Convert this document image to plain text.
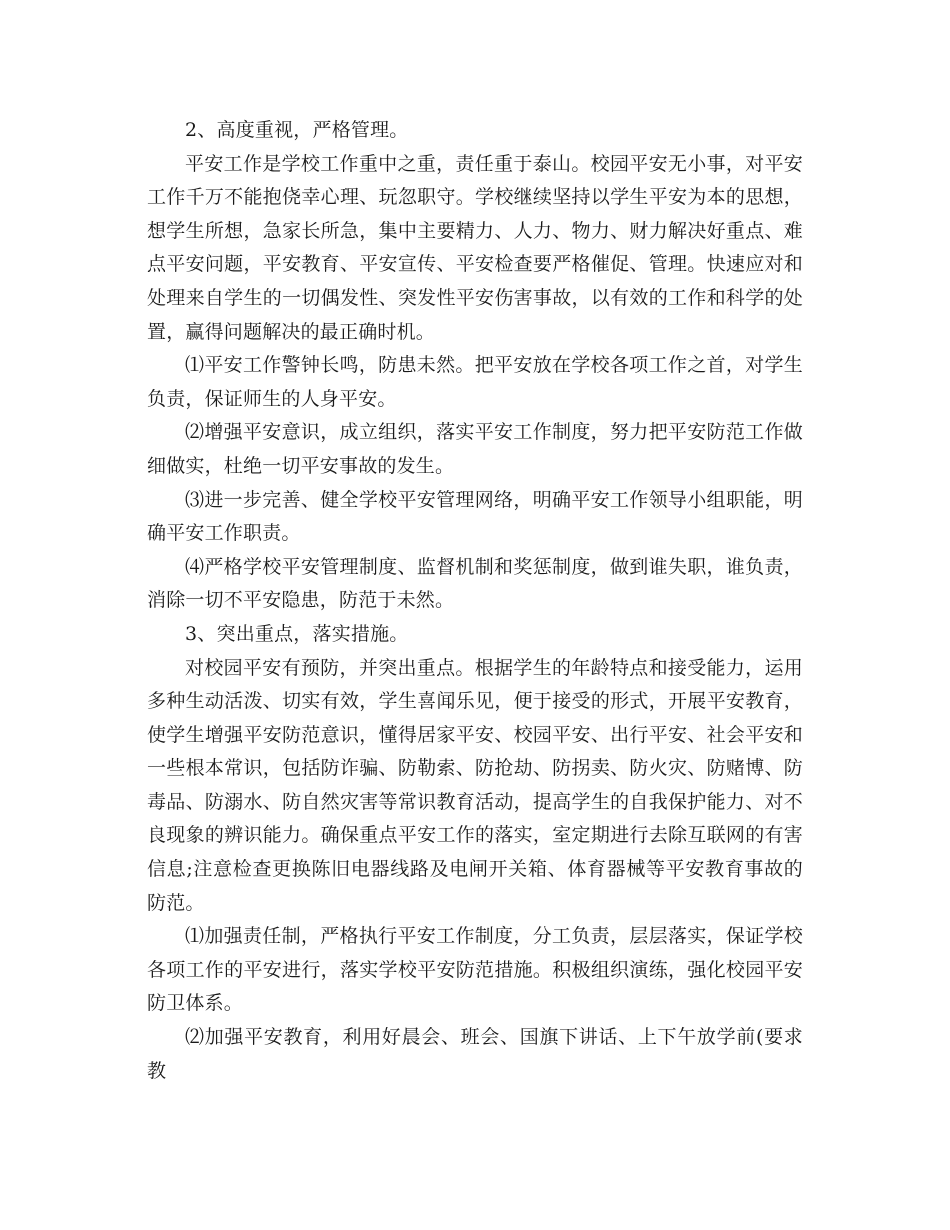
2、高度重视，严格管理。

平安工作是学校工作重中之重，责任重于泰山。校园平安无小事，对平安工作千万不能抱侥幸心理、玩忽职守。学校继续坚持以学生平安为本的思想，想学生所想，急家长所急，集中主要精力、人力、物力、财力解决好重点、难点平安问题，平安教育、平安宣传、平安检查要严格催促、管理。快速应对和处理来自学生的一切偶发性、突发性平安伤害事故，以有效的工作和科学的处置，赢得问题解决的最正确时机。

⑴平安工作警钟长鸣，防患未然。把平安放在学校各项工作之首，对学生负责，保证师生的人身平安。

⑵增强平安意识，成立组织，落实平安工作制度，努力把平安防范工作做细做实，杜绝一切平安事故的发生。

⑶进一步完善、健全学校平安管理网络，明确平安工作领导小组职能，明确平安工作职责。

⑷严格学校平安管理制度、监督机制和奖惩制度，做到谁失职，谁负责，消除一切不平安隐患，防范于未然。

3、突出重点，落实措施。

对校园平安有预防，并突出重点。根据学生的年龄特点和接受能力，运用多种生动活泼、切实有效，学生喜闻乐见，便于接受的形式，开展平安教育，使学生增强平安防范意识，懂得居家平安、校园平安、出行平安、社会平安和一些根本常识，包括防诈骗、防勒索、防抢劫、防拐卖、防火灾、防赌博、防毒品、防溺水、防自然灾害等常识教育活动，提高学生的自我保护能力、对不良现象的辨识能力。确保重点平安工作的落实，室定期进行去除互联网的有害信息;注意检查更换陈旧电器线路及电闸开关箱、体育器械等平安教育事故的防范。

⑴加强责任制，严格执行平安工作制度，分工负责，层层落实，保证学校各项工作的平安进行，落实学校平安防范措施。积极组织演练，强化校园平安防卫体系。

⑵加强平安教育，利用好晨会、班会、国旗下讲话、上下午放学前(要求教
